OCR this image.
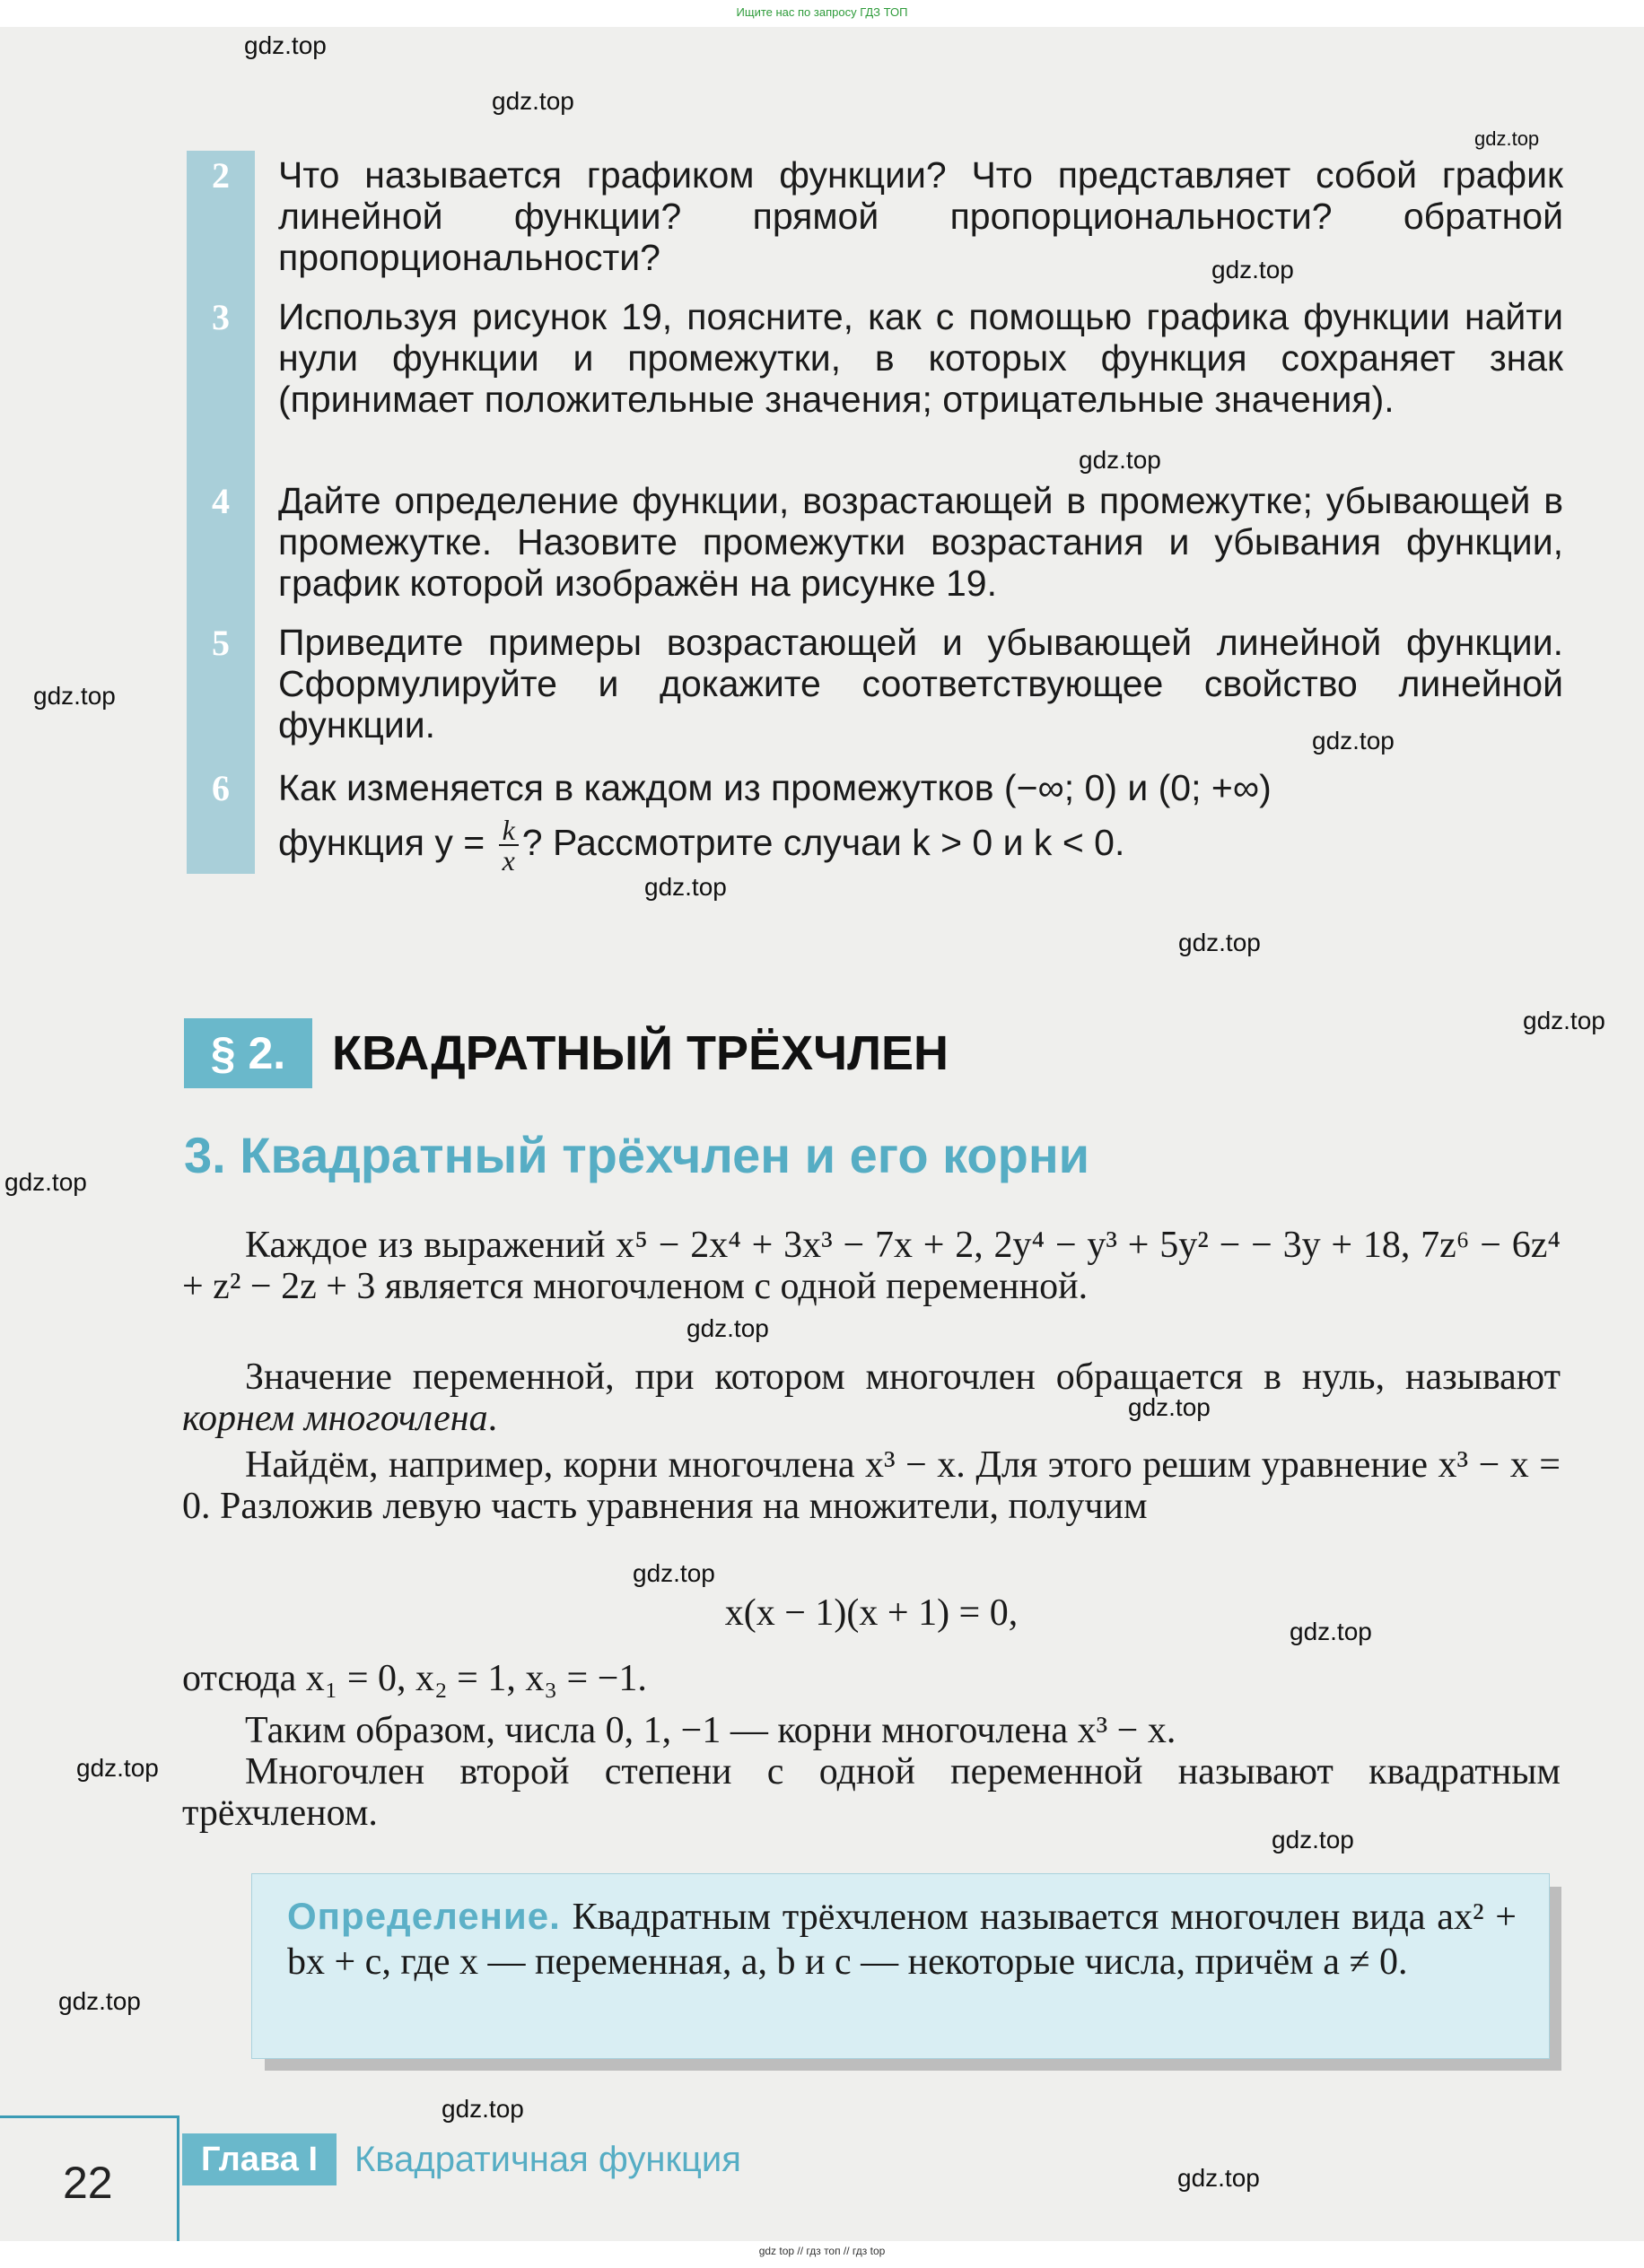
Ищите нас по запросу ГДЗ ТОП
2	Что называется графиком функции? Что представляет собой график линейной функции? прямой пропорциональности? обратной пропорциональности?
3	Используя рисунок 19, поясните, как с помощью графика функции найти нули функции и промежутки, в которых функция сохраняет знак (принимает положительные значения; отрицательные значения).
4	Дайте определение функции, возрастающей в промежутке; убывающей в промежутке. Назовите промежутки возрастания и убывания функции, график которой изображён на рисунке 19.
5	Приведите примеры возрастающей и убывающей линейной функции. Сформулируйте и докажите соответствующее свойство линейной функции.
6	Как изменяется в каждом из промежутков (−∞; 0) и (0; +∞)
функция $y = \frac{k}{x}$ ? Рассмотрите случаи k > 0 и k < 0.
§ 2. КВАДРАТНЫЙ ТРЁХЧЛЕН
3. Квадратный трёхчлен и его корни
Каждое из выражений x⁵ − 2x⁴ + 3x³ − 7x + 2, 2y⁴ − y³ + 5y² − − 3y + 18, 7z⁶ − 6z⁴ + z² − 2z + 3 является многочленом с одной переменной.
Значение переменной, при котором многочлен обращается в нуль, называют корнем многочлена.
Найдём, например, корни многочлена x³ − x. Для этого решим уравнение x³ − x = 0. Разложив левую часть уравнения на множители, получим
x(x − 1)(x + 1) = 0,
отсюда x₁ = 0, x₂ = 1, x₃ = −1.
Таким образом, числа 0, 1, −1 — корни многочлена x³ − x.
Многочлен второй степени с одной переменной называют квадратным трёхчленом.
Определение. Квадратным трёхчленом называется многочлен вида ax² + bx + c, где x — переменная, a, b и c — некоторые числа, причём a ≠ 0.
22	Глава I	Квадратичная функция
gdz.top
gdz.top
gdz.top
gdz.top
gdz.top
gdz.top
gdz.top
gdz.top
gdz.top
gdz.top
gdz.top
gdz.top
gdz.top
gdz.top
gdz.top
gdz.top
gdz.top
gdz.top
gdz.top
gdz.top
gdz top // гдз топ // гдз top
